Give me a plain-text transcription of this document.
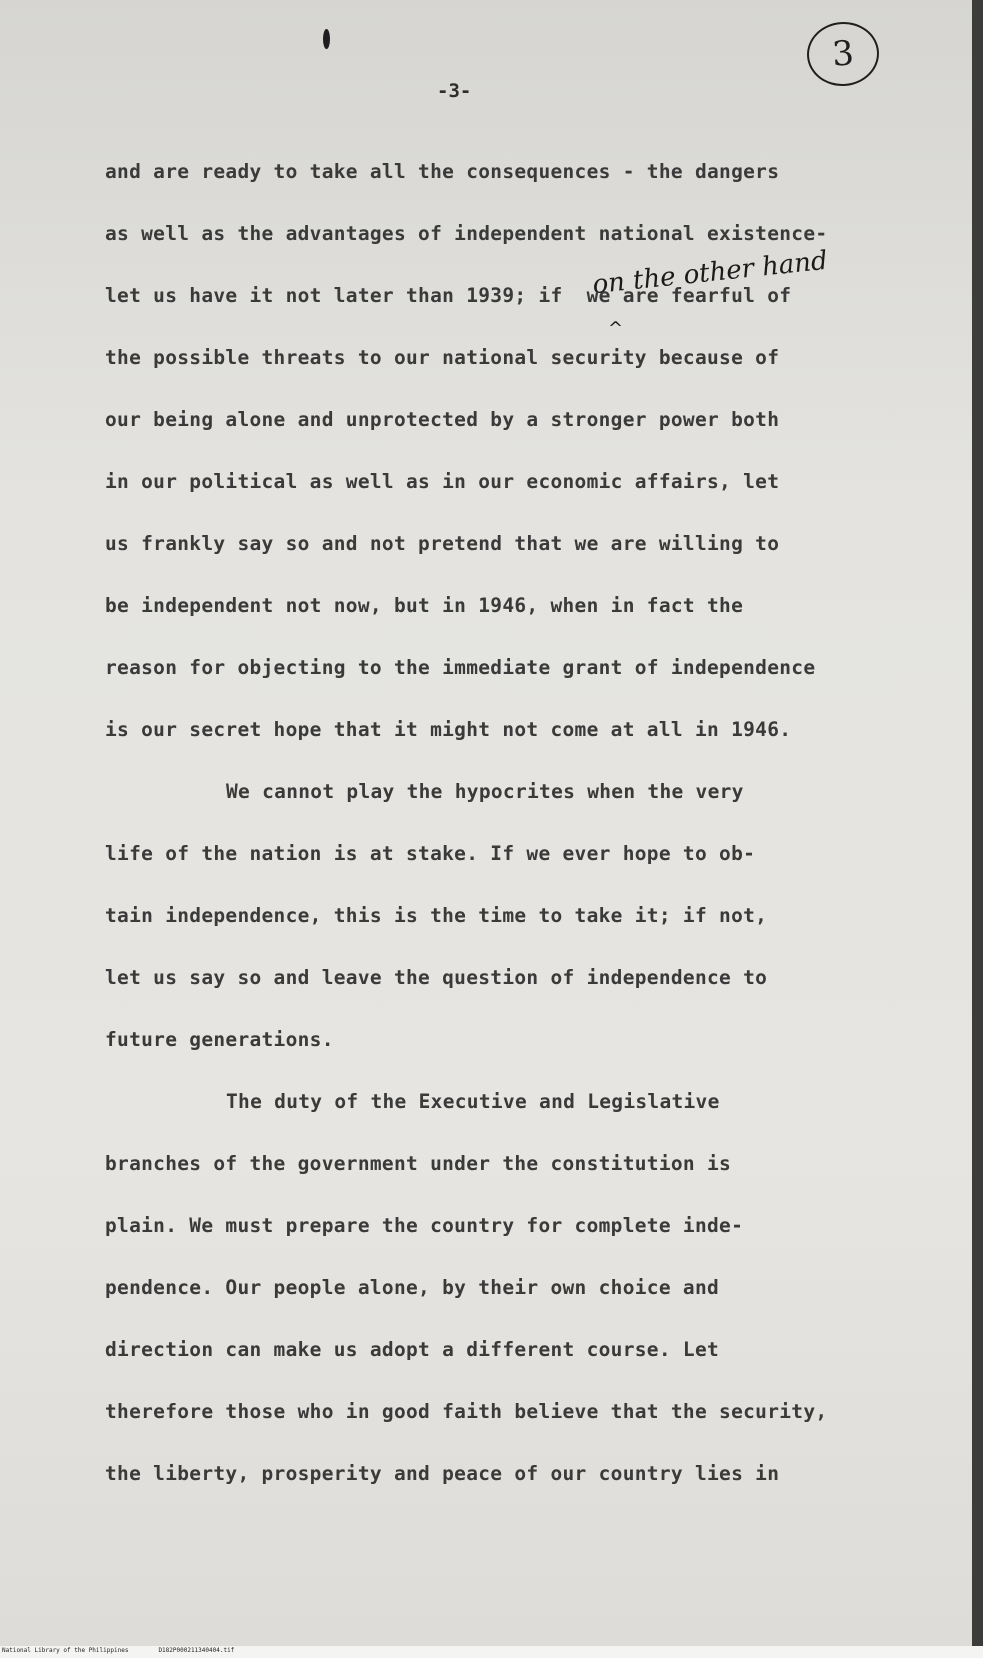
-3-
3
on the other hand
^
and are ready to take all the consequences - the dangers
as well as the advantages of independent national existence-
let us have it not later than 1939; if  we are fearful of
the possible threats to our national security because of
our being alone and unprotected by a stronger power both
in our political as well as in our economic affairs, let
us frankly say so and not pretend that we are willing to
be independent not now, but in 1946, when in fact the
reason for objecting to the immediate grant of independence
is our secret hope that it might not come at all in 1946.
We cannot play the hypocrites when the very
life of the nation is at stake. If we ever hope to ob-
tain independence, this is the time to take it; if not,
let us say so and leave the question of independence to
future generations.
The duty of the Executive and Legislative
branches of the government under the constitution is
plain. We must prepare the country for complete inde-
pendence. Our people alone, by their own choice and
direction can make us adopt a different course. Let
therefore those who in good faith believe that the security,
the liberty, prosperity and peace of our country lies in
National Library of the Philippines	D182P000211340404.tif
